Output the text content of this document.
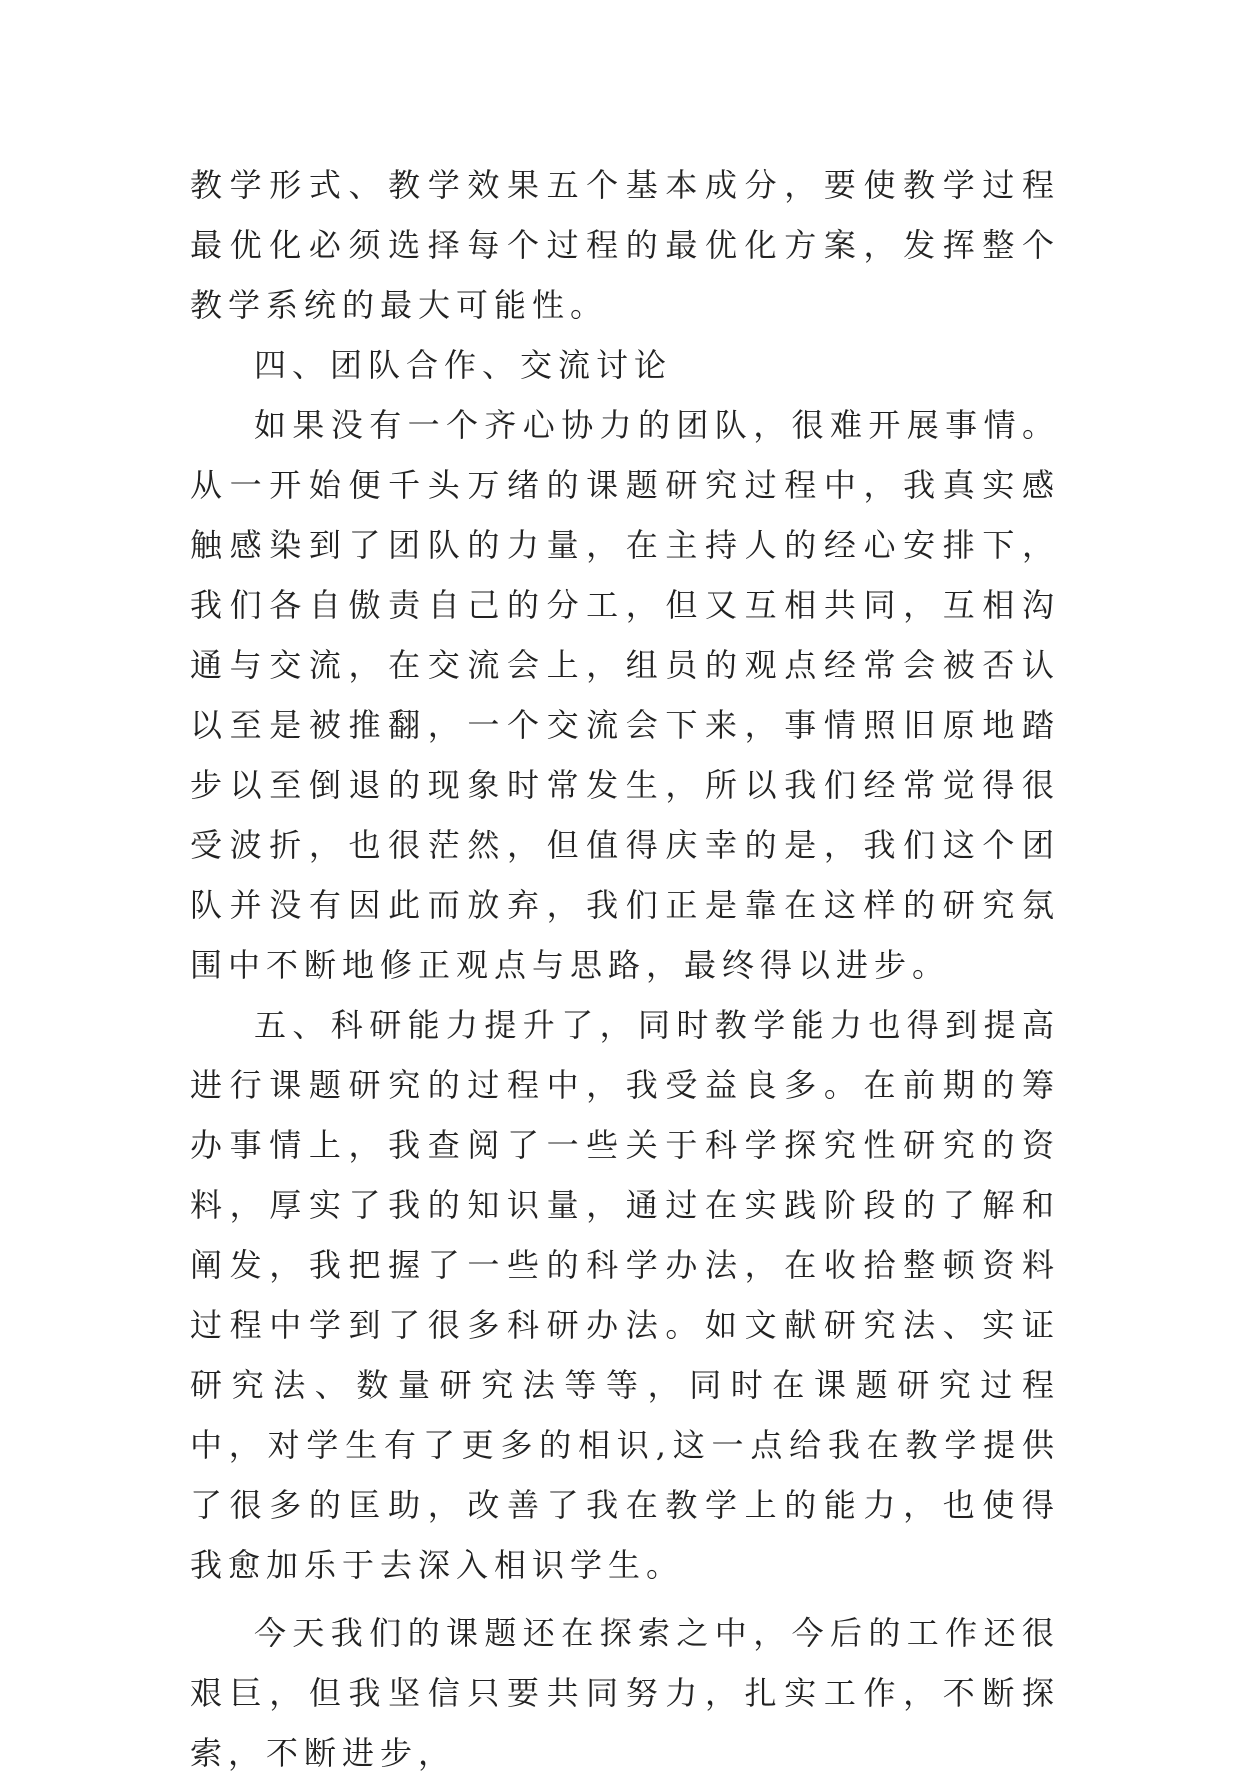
教学形式、教学效果五个基本成分，要使教学过程最优化必须选择每个过程的最优化方案，发挥整个教学系统的最大可能性。

四、团队合作、交流讨论

如果没有一个齐心协力的团队，很难开展事情。从一开始便千头万绪的课题研究过程中，我真实感触感染到了团队的力量，在主持人的经心安排下，我们各自傲责自己的分工，但又互相共同，互相沟通与交流，在交流会上，组员的观点经常会被否认以至是被推翻，一个交流会下来，事情照旧原地踏步以至倒退的现象时常发生，所以我们经常觉得很受波折，也很茫然，但值得庆幸的是，我们这个团队并没有因此而放弃，我们正是靠在这样的研究氛围中不断地修正观点与思路，最终得以进步。

五、科研能力提升了，同时教学能力也得到提高进行课题研究的过程中，我受益良多。在前期的筹办事情上，我查阅了一些关于科学探究性研究的资料，厚实了我的知识量，通过在实践阶段的了解和阐发，我把握了一些的科学办法，在收拾整顿资料过程中学到了很多科研办法。如文献研究法、实证研究法、数量研究法等等，同时在课题研究过程中，对学生有了更多的相识,这一点给我在教学提供了很多的匡助，改善了我在教学上的能力，也使得我愈加乐于去深入相识学生。

今天我们的课题还在探索之中，今后的工作还很艰巨，但我坚信只要共同努力，扎实工作，不断探索，不断进步，
